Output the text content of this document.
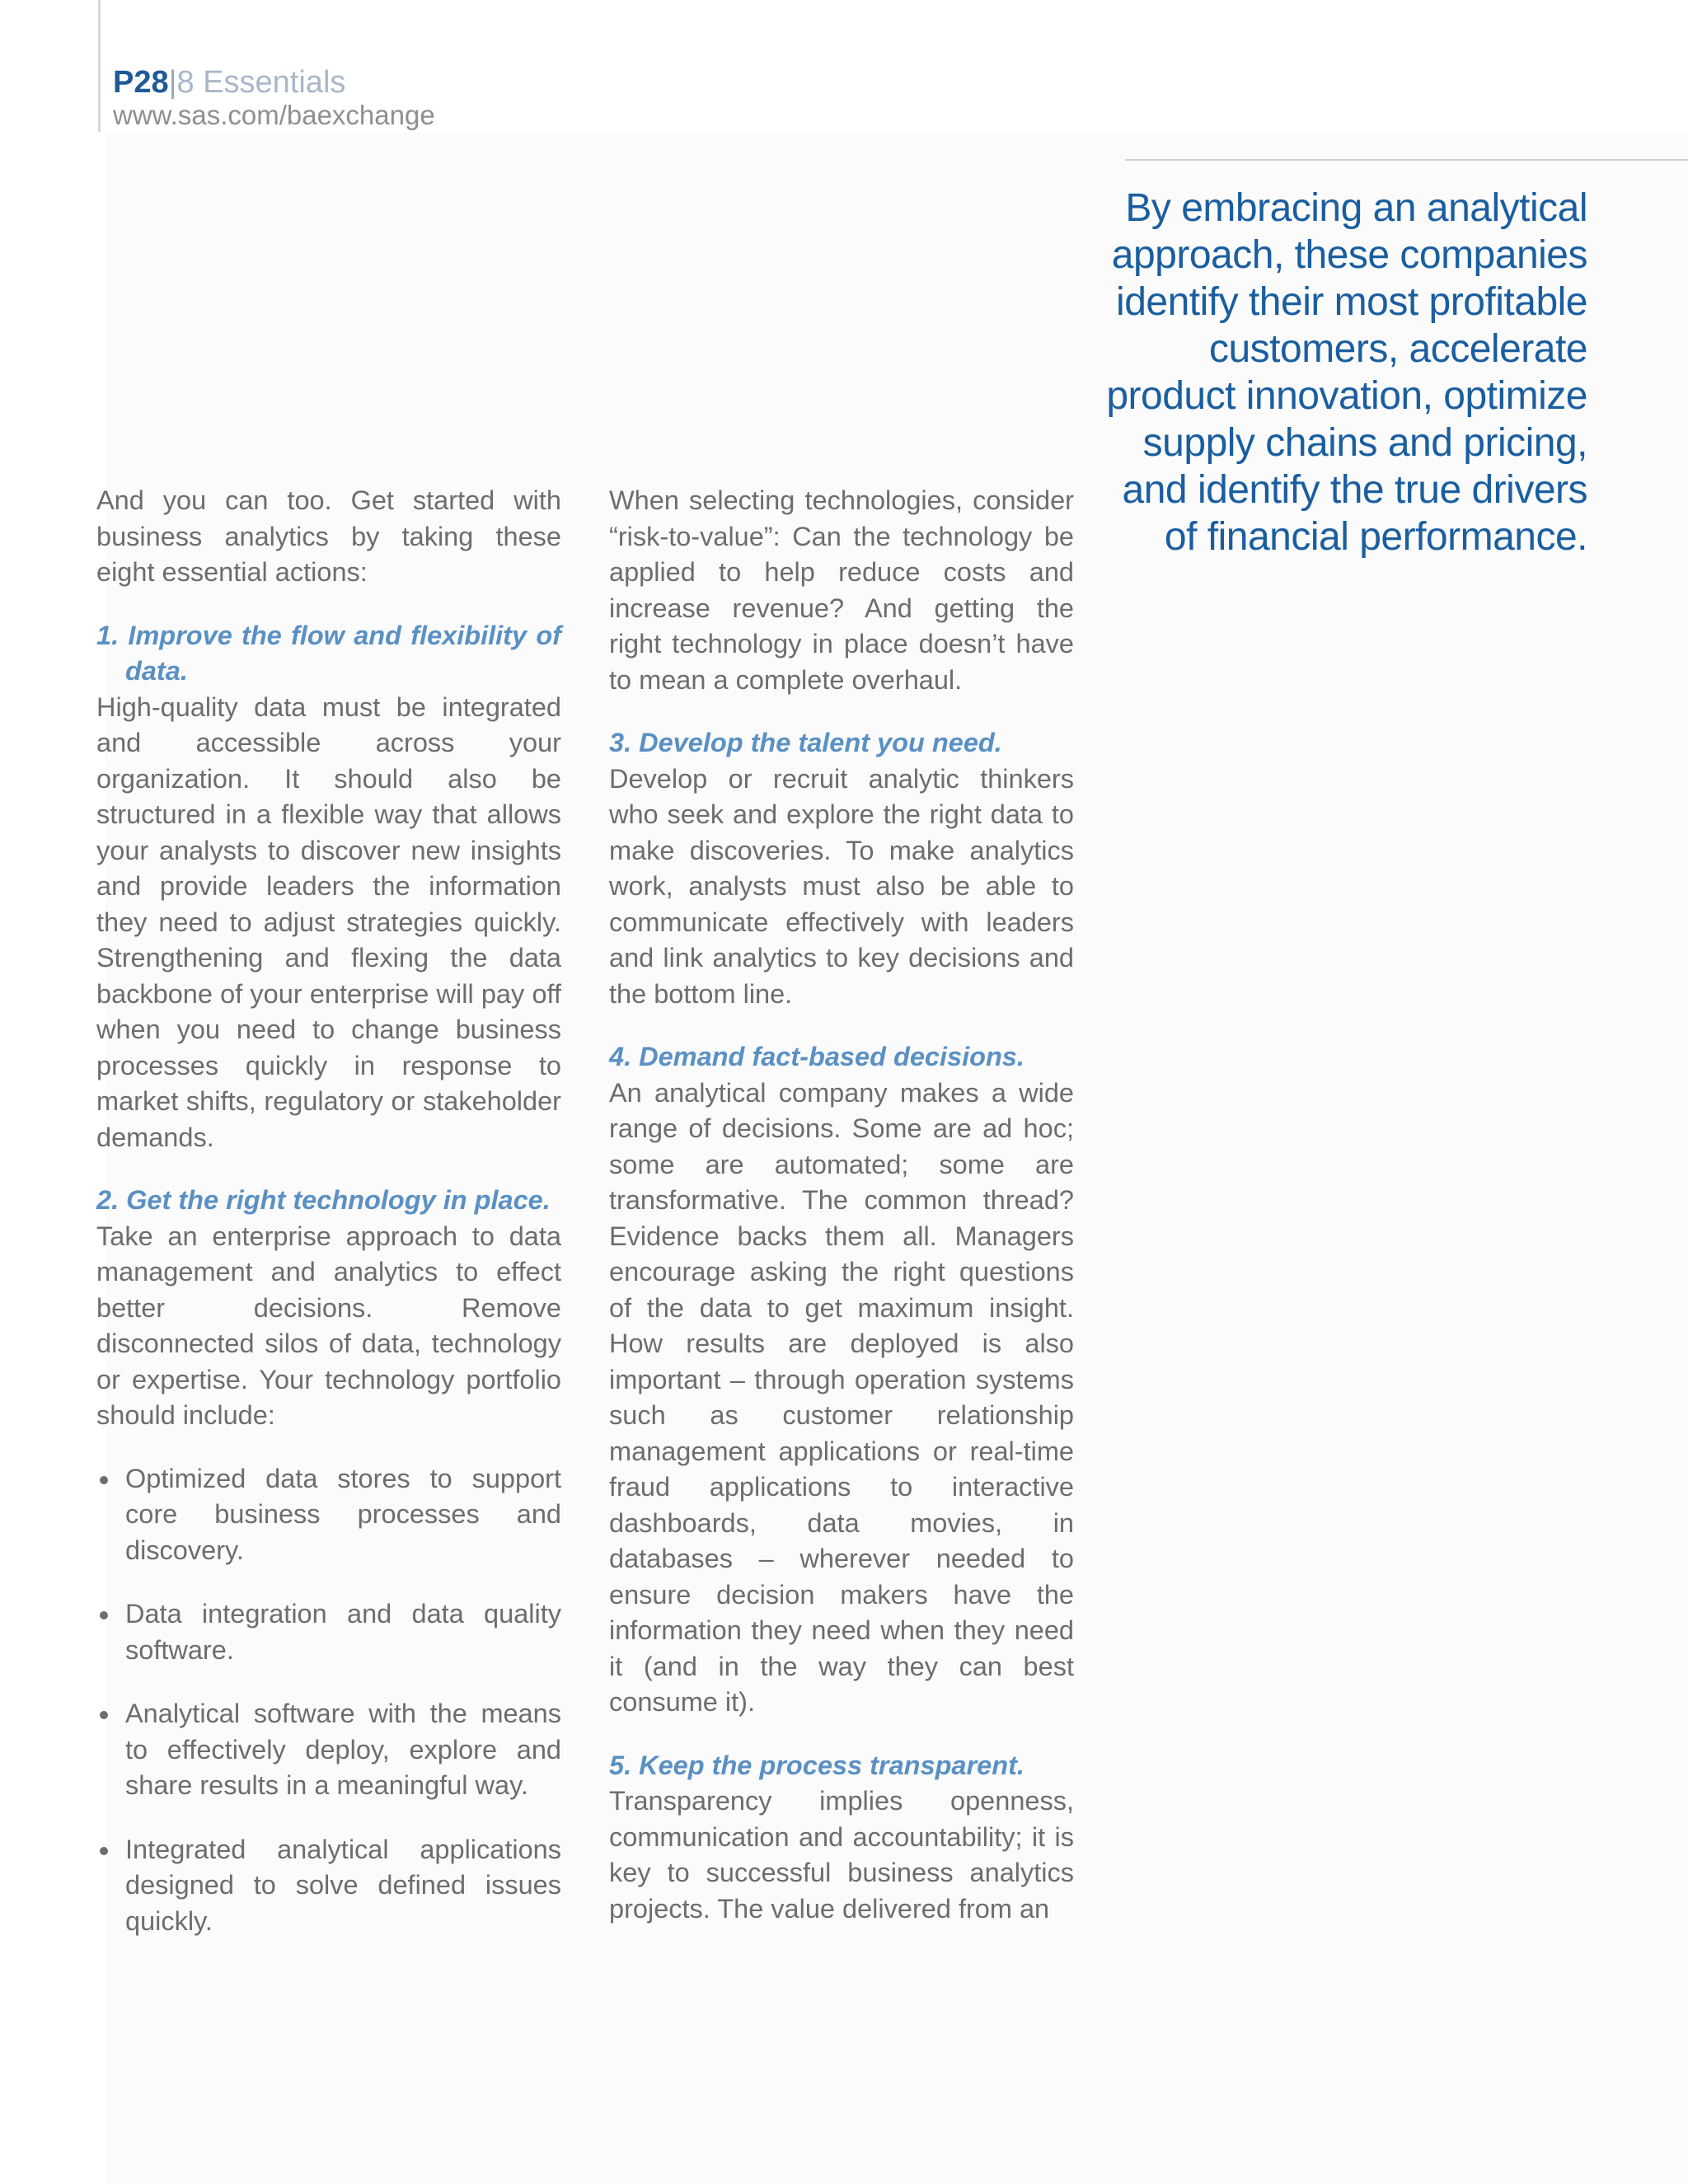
P28|8 Essentials
www.sas.com/baexchange
By embracing an analytical approach, these companies identify their most profitable customers, accelerate product innovation, optimize supply chains and pricing, and identify the true drivers of financial performance.

And you can too. Get started with business analytics by taking these eight essential actions:

1. Improve the flow and flexibility of data.

High-quality data must be integrated and accessible across your organization. It should also be structured in a flexible way that allows your analysts to discover new insights and provide leaders the information they need to adjust strategies quickly. Strengthening and flexing the data backbone of your enterprise will pay off when you need to change business processes quickly in response to market shifts, regulatory or stakeholder demands.

2. Get the right technology in place.

Take an enterprise approach to data management and analytics to effect better decisions. Remove disconnected silos of data, technology or expertise. Your technology portfolio should include:

Optimized data stores to support core business processes and discovery.
Data integration and data quality software.
Analytical software with the means to effectively deploy, explore and share results in a meaningful way.
Integrated analytical applications designed to solve defined issues quickly.

When selecting technologies, consider “risk-to-value”: Can the technology be applied to help reduce costs and increase revenue? And getting the right technology in place doesn’t have to mean a complete overhaul.

3. Develop the talent you need.

Develop or recruit analytic thinkers who seek and explore the right data to make discoveries. To make analytics work, analysts must also be able to communicate effectively with leaders and link analytics to key decisions and the bottom line.

4. Demand fact-based decisions.

An analytical company makes a wide range of decisions. Some are ad hoc; some are automated; some are transformative. The common thread? Evidence backs them all. Managers encourage asking the right questions of the data to get maximum insight. How results are deployed is also important – through operation systems such as customer relationship management applications or real-time fraud applications to interactive dashboards, data movies, in databases – wherever needed to ensure decision makers have the information they need when they need it (and in the way they can best consume it).

5. Keep the process transparent.

Transparency implies openness, communication and accountability; it is key to successful business analytics projects. The value delivered from an
